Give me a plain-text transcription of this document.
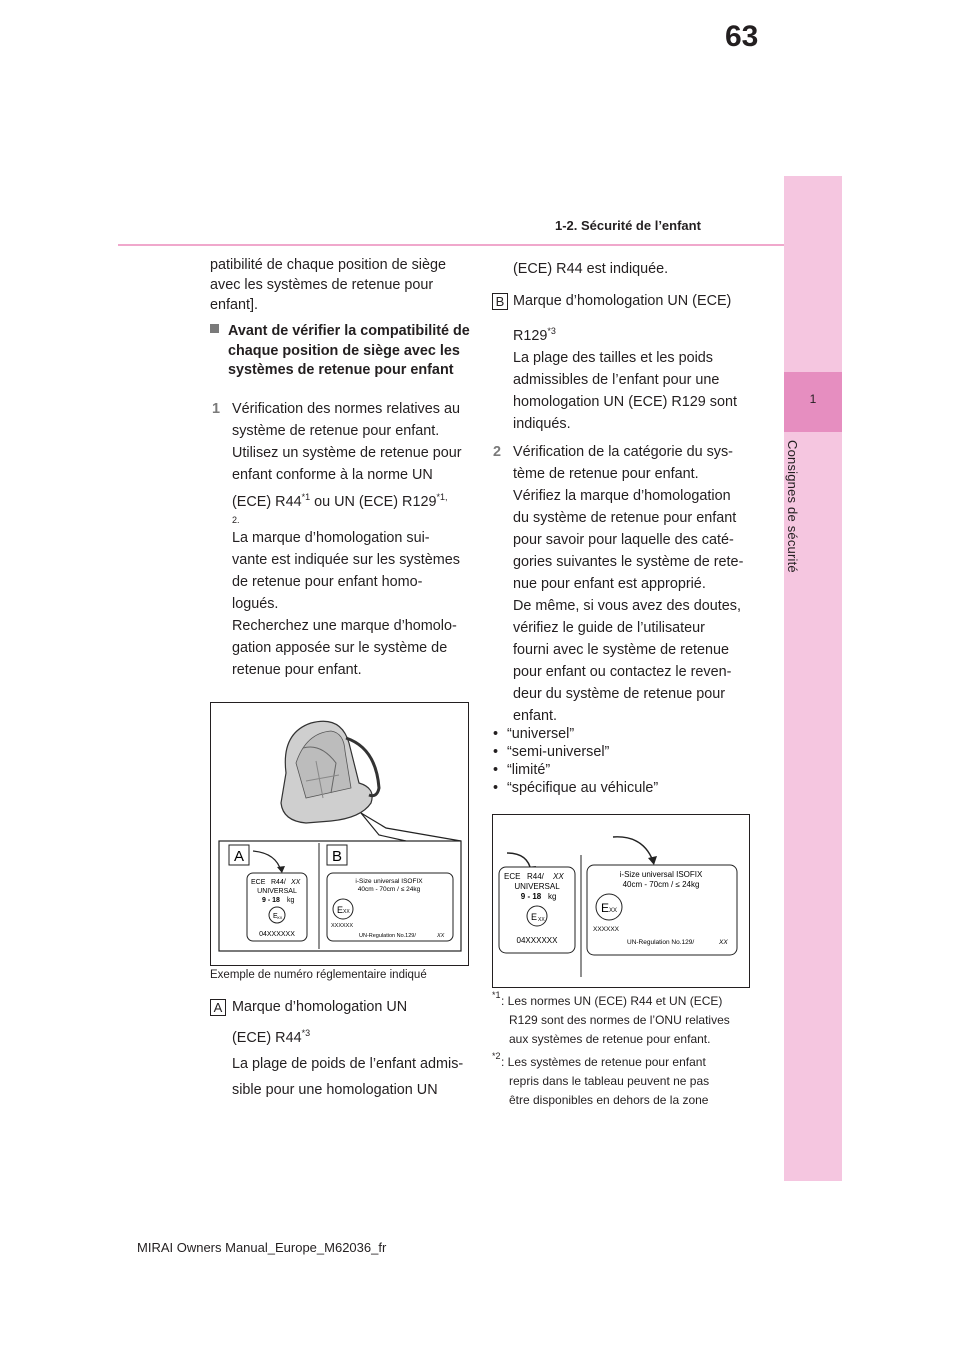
1
Consignes de sécurité
63
1-2. Sécurité de l’enfant
patibilité de chaque position de siège avec les systèmes de retenue pour enfant].
Avant de vérifier la compatibilité de chaque position de siège avec les systèmes de retenue pour enfant
1 Vérification des normes relatives au

système de retenue pour enfant.

Utilisez un système de retenue pour

enfant conforme à la norme UN

(ECE) R44$^{*1}$ ou UN (ECE) $R129^{*1,}$

2.

La marque d’homologation sui-

vante est indiquée sur les systèmes

de retenue pour enfant homo-

logués.

Recherchez une marque d’homolo-

gation apposée sur le système de

retenue pour enfant.

A	B
ECE R44/ XX
UNIVERSAL
9 - 18 kg
E XX
04XXXXXX
i-Size universal ISOFIX
40cm - 70cm / ≤ 24kg
E XX
XXXXXX
UN-Regulation No.129/	XX
Exemple de numéro réglementaire indiqué
A Marque d’homologation UN

(ECE) R44$^{*3}$

La plage de poids de l’enfant admis-

sible pour une homologation UN

(ECE) R44 est indiquée.
B Marque d’homologation UN (ECE)

R129$^{*3}$

La plage des tailles et les poids

admissibles de l’enfant pour une

homologation UN (ECE) R129 sont

indiqués.

2 Vérification de la catégorie du sys-

tème de retenue pour enfant.

Vérifiez la marque d’homologation

du système de retenue pour enfant

pour savoir pour laquelle des caté-

gories suivantes le système de rete-

nue pour enfant est approprié.

De même, si vous avez des doutes,

vérifiez le guide de l’utilisateur

fourni avec le système de retenue

pour enfant ou contactez le reven-

deur du système de retenue pour

enfant.

• “universel”
• “semi-universel”
• “limité”
• “spécifique au véhicule”
ECE R44/ XX
UNIVERSAL
9 - 18 kg
E XX
04XXXXXX
i-Size universal ISOFIX
40cm - 70cm / ≤ 24kg
E XX
XXXXXX
UN-Regulation No.129/	XX
*1 : Les normes UN (ECE) R44 et UN (ECE)
R129 sont des normes de l’ONU relatives
aux systèmes de retenue pour enfant.
*2 : Les systèmes de retenue pour enfant
repris dans le tableau peuvent ne pas
être disponibles en dehors de la zone
MIRAI Owners Manual_Europe_M62036_fr
